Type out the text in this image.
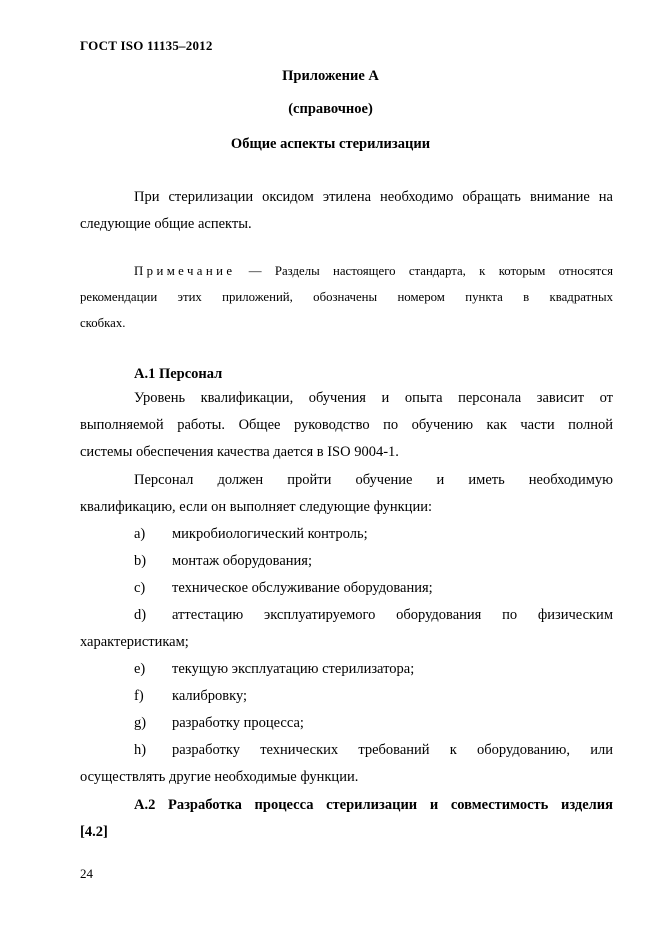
ГОСТ ISO 11135–2012
Приложение А
(справочное)
Общие аспекты стерилизации
При стерилизации оксидом этилена необходимо обращать внимание на
следующие общие аспекты.
Примечание — Разделы настоящего стандарта, к которым относятся
рекомендации этих приложений, обозначены номером пункта в квадратных
скобках.
А.1 Персонал
Уровень квалификации, обучения и опыта персонала зависит от
выполняемой работы. Общее руководство по обучению как части полной
системы обеспечения качества дается в ISO 9004-1.
Персонал должен пройти обучение и иметь необходимую
квалификацию, если он выполняет следующие функции:
a)	микробиологический контроль;
b)	монтаж оборудования;
c)	техническое обслуживание оборудования;
d)	аттестацию эксплуатируемого оборудования по физическим
характеристикам;
e)	текущую эксплуатацию стерилизатора;
f)	калибровку;
g)	разработку процесса;
h)	разработку технических требований к оборудованию, или
осуществлять другие необходимые функции.
А.2 Разработка процесса стерилизации и совместимость изделия
[4.2]
24
